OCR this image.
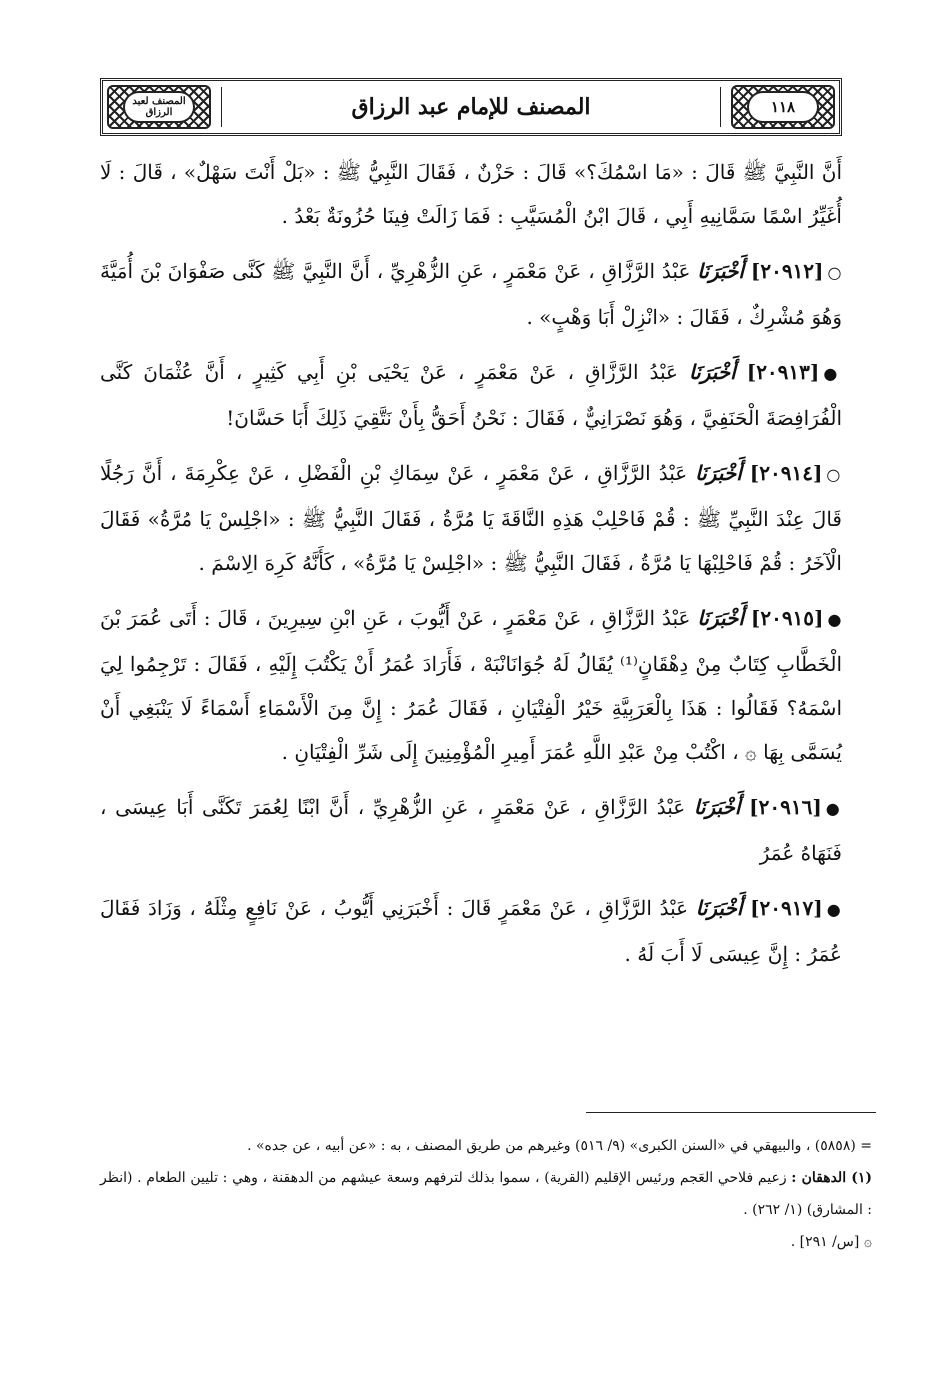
١١٨
المصنف للإمام عبد الرزاق
المصنف لعبد الرزاق

أَنَّ النَّبِيَّ ﷺ قَالَ : «مَا اسْمُكَ؟» قَالَ : حَزْنٌ ، فَقَالَ النَّبِيُّ ﷺ : «بَلْ أَنْتَ سَهْلٌ» ، قَالَ : لَا أُغَيِّرُ اسْمًا سَمَّانِيهِ أَبِي ، قَالَ ابْنُ الْمُسَيَّبِ : فَمَا زَالَتْ فِينَا حُزُونَةٌ بَعْدُ .

○[٢٠٩١٢] أَخْبَرَنَا عَبْدُ الرَّزَّاقِ ، عَنْ مَعْمَرٍ ، عَنِ الزُّهْرِيِّ ، أَنَّ النَّبِيَّ ﷺ كَنَّى صَفْوَانَ بْنَ أُمَيَّةَ وَهُوَ مُشْرِكٌ ، فَقَالَ : «انْزِلْ أَبَا وَهْبٍ» .

●[٢٠٩١٣] أَخْبَرَنَا عَبْدُ الرَّزَّاقِ ، عَنْ مَعْمَرٍ ، عَنْ يَحْيَى بْنِ أَبِي كَثِيرٍ ، أَنَّ عُثْمَانَ كَنَّى الْفُرَافِصَةَ الْحَنَفِيَّ ، وَهُوَ نَصْرَانِيٌّ ، فَقَالَ : نَحْنُ أَحَقُّ بِأَنْ نَتَّقِيَ ذَلِكَ أَبَا حَسَّانَ!

○[٢٠٩١٤] أَخْبَرَنَا عَبْدُ الرَّزَّاقِ ، عَنْ مَعْمَرٍ ، عَنْ سِمَاكِ بْنِ الْفَضْلِ ، عَنْ عِكْرِمَةَ ، أَنَّ رَجُلًا قَالَ عِنْدَ النَّبِيِّ ﷺ : قُمْ فَاحْلِبْ هَذِهِ النَّاقَةَ يَا مُرَّةُ ، فَقَالَ النَّبِيُّ ﷺ : «اجْلِسْ يَا مُرَّةُ» فَقَالَ الْآخَرُ : قُمْ فَاحْلِبْهَا يَا مُرَّةُ ، فَقَالَ النَّبِيُّ ﷺ : «اجْلِسْ يَا مُرَّةُ» ، كَأَنَّهُ كَرِهَ الِاسْمَ .

●[٢٠٩١٥] أَخْبَرَنَا عَبْدُ الرَّزَّاقِ ، عَنْ مَعْمَرٍ ، عَنْ أَيُّوبَ ، عَنِ ابْنِ سِيرِينَ ، قَالَ : أَتَى عُمَرَ بْنَ الْخَطَّابِ كِتَابٌ مِنْ دِهْقَانٍ⁽¹⁾ يُقَالُ لَهُ جُوَانَانْبَهْ ، فَأَرَادَ عُمَرُ أَنْ يَكْتُبَ إِلَيْهِ ، فَقَالَ : تَرْجِمُوا لِيَ اسْمَهُ؟ فَقَالُوا : هَذَا بِالْعَرَبِيَّةِ خَيْرُ الْفِتْيَانِ ، فَقَالَ عُمَرُ : إِنَّ مِنَ الْأَسْمَاءِ أَسْمَاءً لَا يَنْبَغِي أَنْ يُسَمَّى بِهَا ۞ ، اكْتُبْ مِنْ عَبْدِ اللَّهِ عُمَرَ أَمِيرِ الْمُؤْمِنِينَ إِلَى شَرِّ الْفِتْيَانِ .

●[٢٠٩١٦] أَخْبَرَنَا عَبْدُ الرَّزَّاقِ ، عَنْ مَعْمَرٍ ، عَنِ الزُّهْرِيِّ ، أَنَّ ابْنًا لِعُمَرَ تَكَنَّى أَبَا عِيسَى ، فَنَهَاهُ عُمَرُ

●[٢٠٩١٧] أَخْبَرَنَا عَبْدُ الرَّزَّاقِ ، عَنْ مَعْمَرٍ قَالَ : أَخْبَرَنِي أَيُّوبُ ، عَنْ نَافِعٍ مِثْلَهُ ، وَزَادَ فَقَالَ عُمَرُ : إِنَّ عِيسَى لَا أَبَ لَهُ .

= (٥٨٥٨) ، والبيهقي في «السنن الكبرى» (٩/ ٥١٦) وغيرهم من طريق المصنف ، به : «عن أبيه ، عن جده» .

(١) الدهقان : زعيم فلاحي العَجم ورئيس الإقليم (القرية) ، سموا بذلك لترفهم وسعة عيشهم من الدهقنة ، وهي : تليين الطعام . (انظر : المشارق) (١/ ٢٦٢) .

۞ [س/ ٢٩١] .
